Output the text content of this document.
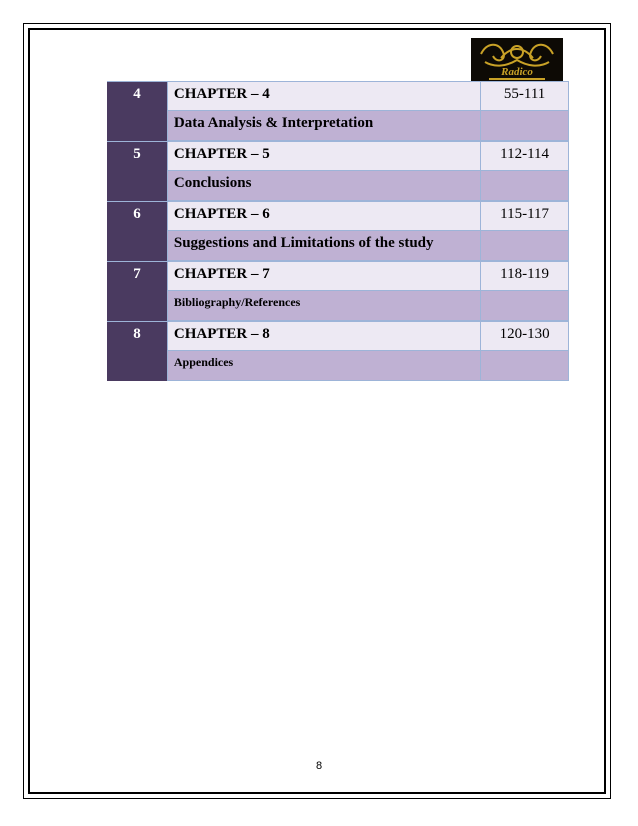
Radico
4	CHAPTER – 4	55-111
Data Analysis & Interpretation
5	CHAPTER – 5	112-114
Conclusions
6	CHAPTER – 6	115-117
Suggestions and Limitations of the study
7	CHAPTER – 7	118-119
Bibliography/References
8	CHAPTER – 8	120-130
Appendices
8
